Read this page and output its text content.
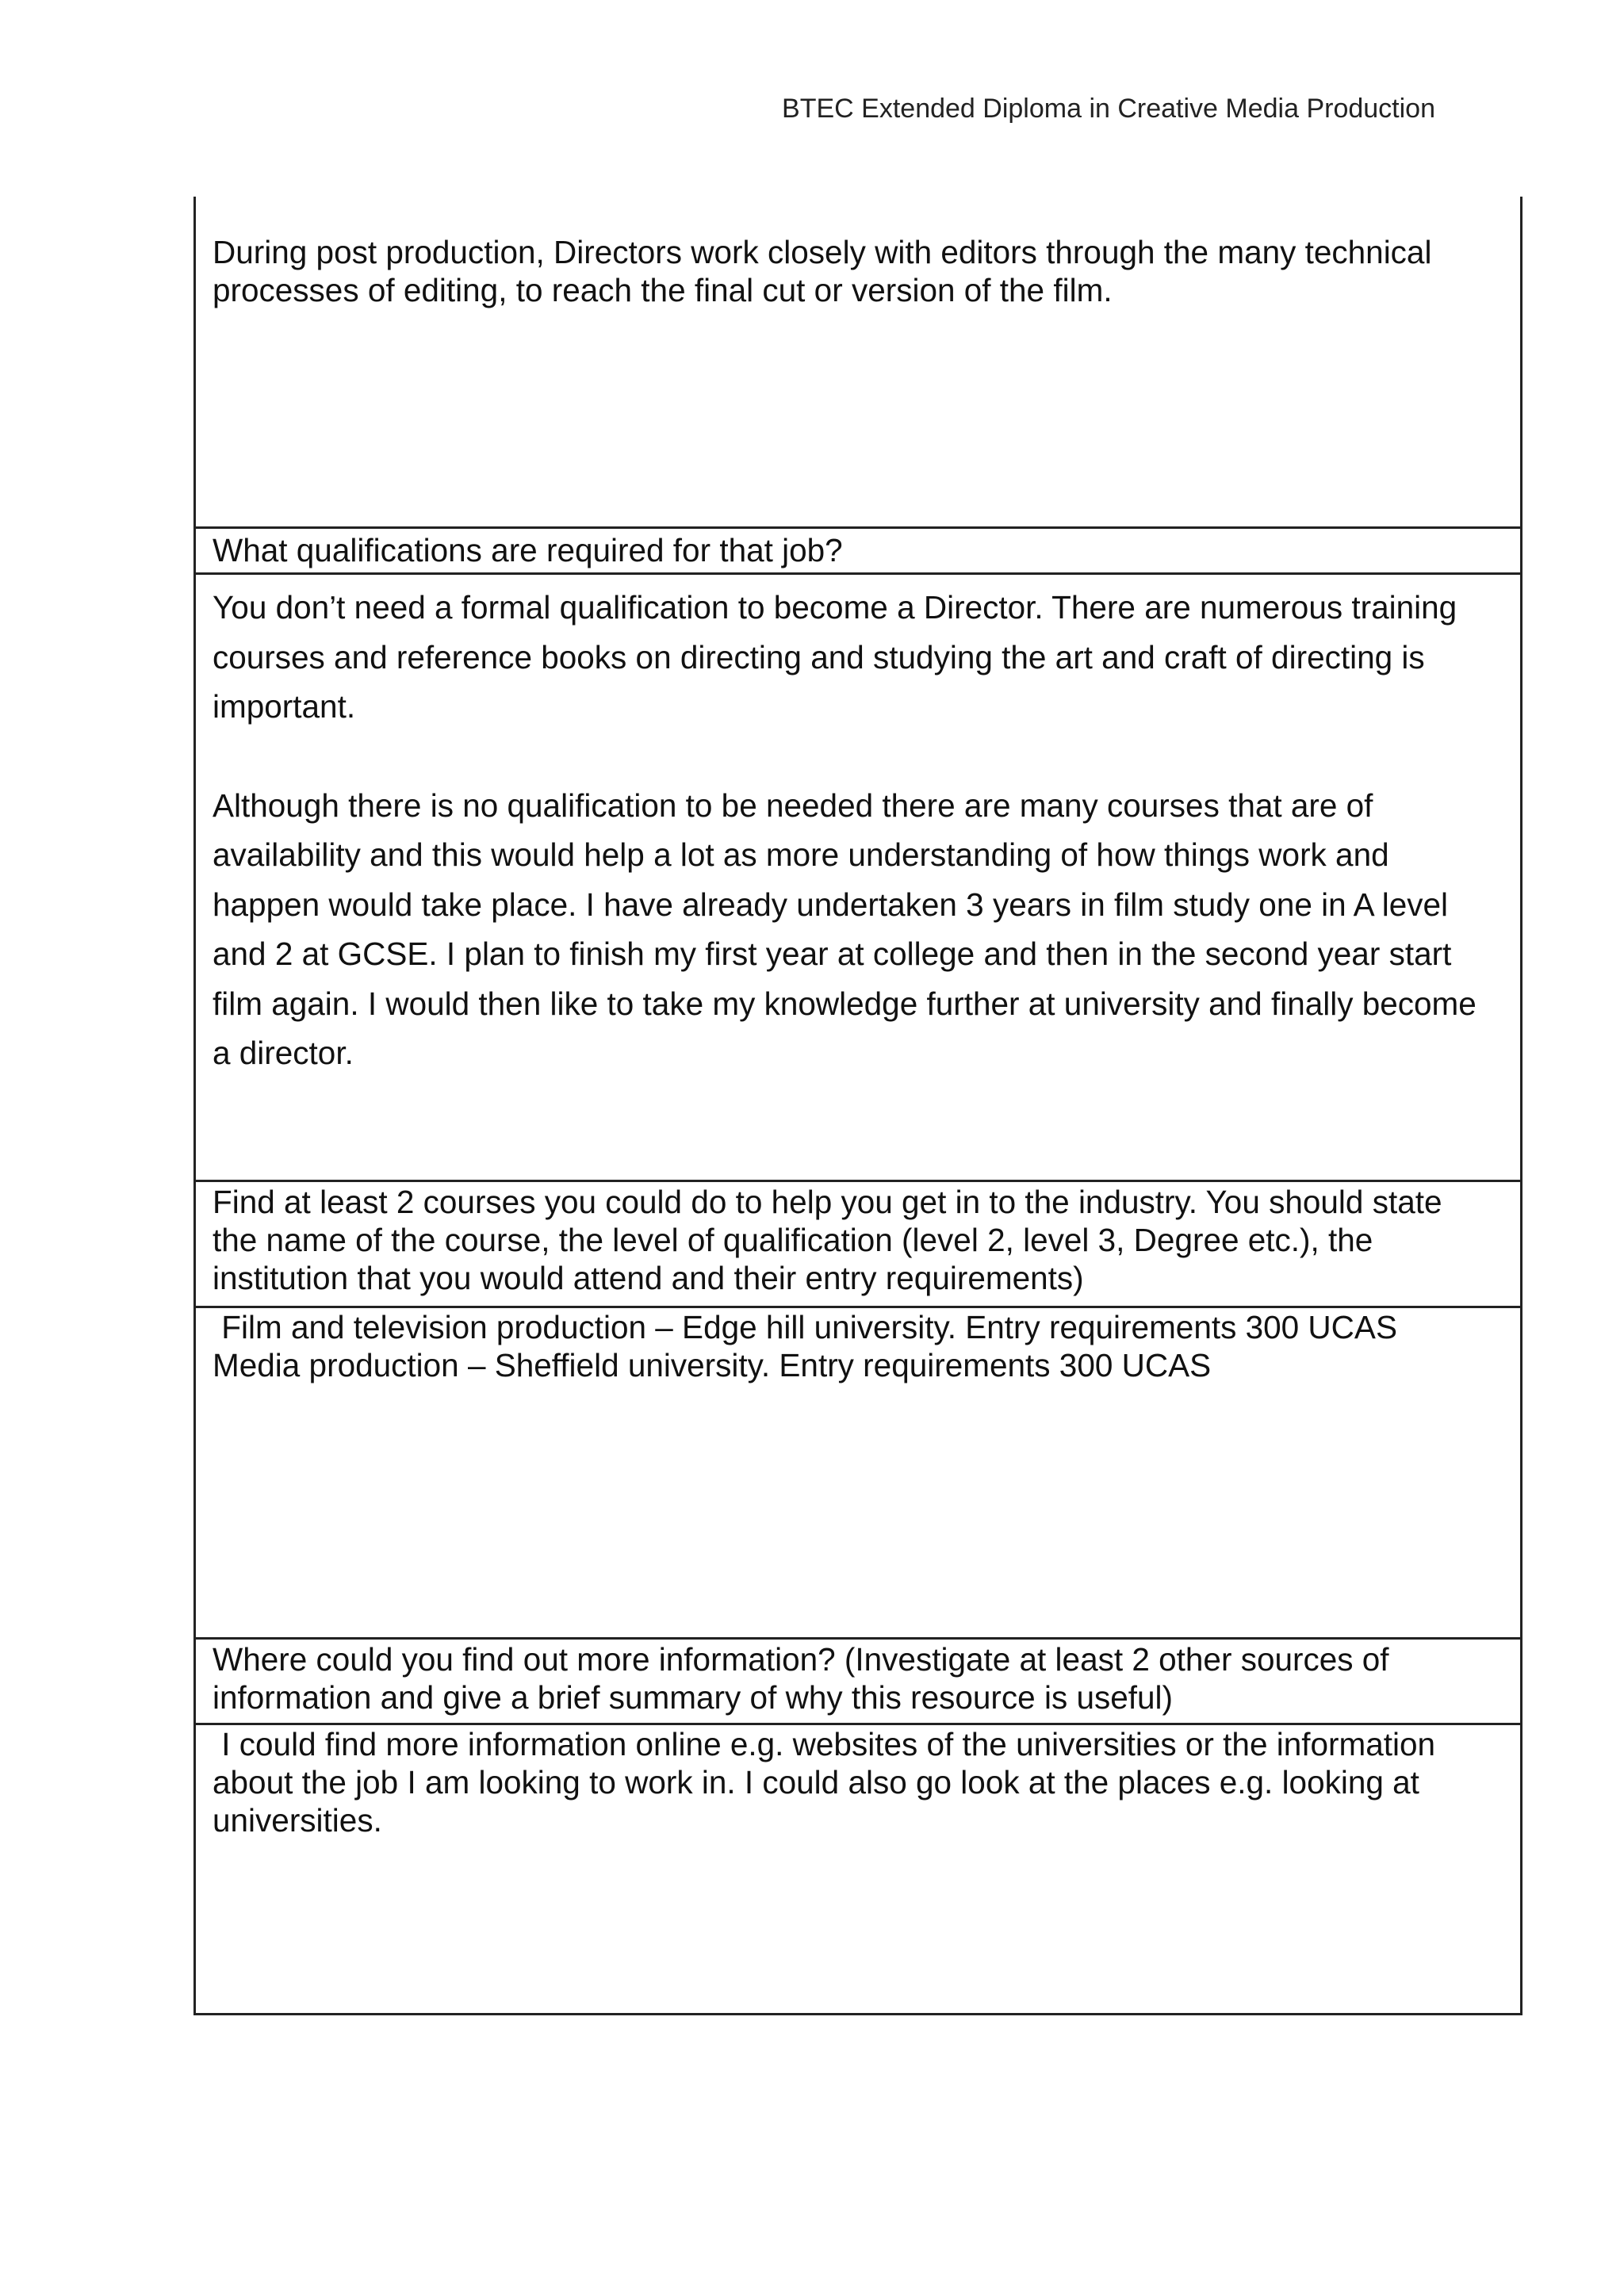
BTEC Extended Diploma in Creative Media Production

During post production, Directors work closely with editors through the many technical processes of editing, to reach the final cut or version of the film.

What qualifications are required for that job?

You don’t need a formal qualification to become a Director. There are numerous training courses and reference books on directing and studying the art and craft of directing is important.

Although there is no qualification to be needed there are many courses that are of availability and this would help a lot as more understanding of how things work and happen would take place. I have already undertaken 3 years in film study one in A level and 2 at GCSE. I plan to finish my first year at college and then in the second year start film again. I would then like to take my knowledge further at university and finally become a director.

Find at least 2 courses you could do to help you get in to the industry. You should state the name of the course, the level of qualification (level 2, level 3, Degree etc.), the institution that you would attend and their entry requirements)

Film and television production – Edge hill university. Entry requirements 300 UCAS

Media production – Sheffield university. Entry requirements 300 UCAS

Where could you find out more information? (Investigate at least 2 other sources of information and give a brief summary of why this resource is useful)

I could find more information online e.g. websites of the universities or the information about the job I am looking to work in. I could also go look at the places e.g. looking at universities.
